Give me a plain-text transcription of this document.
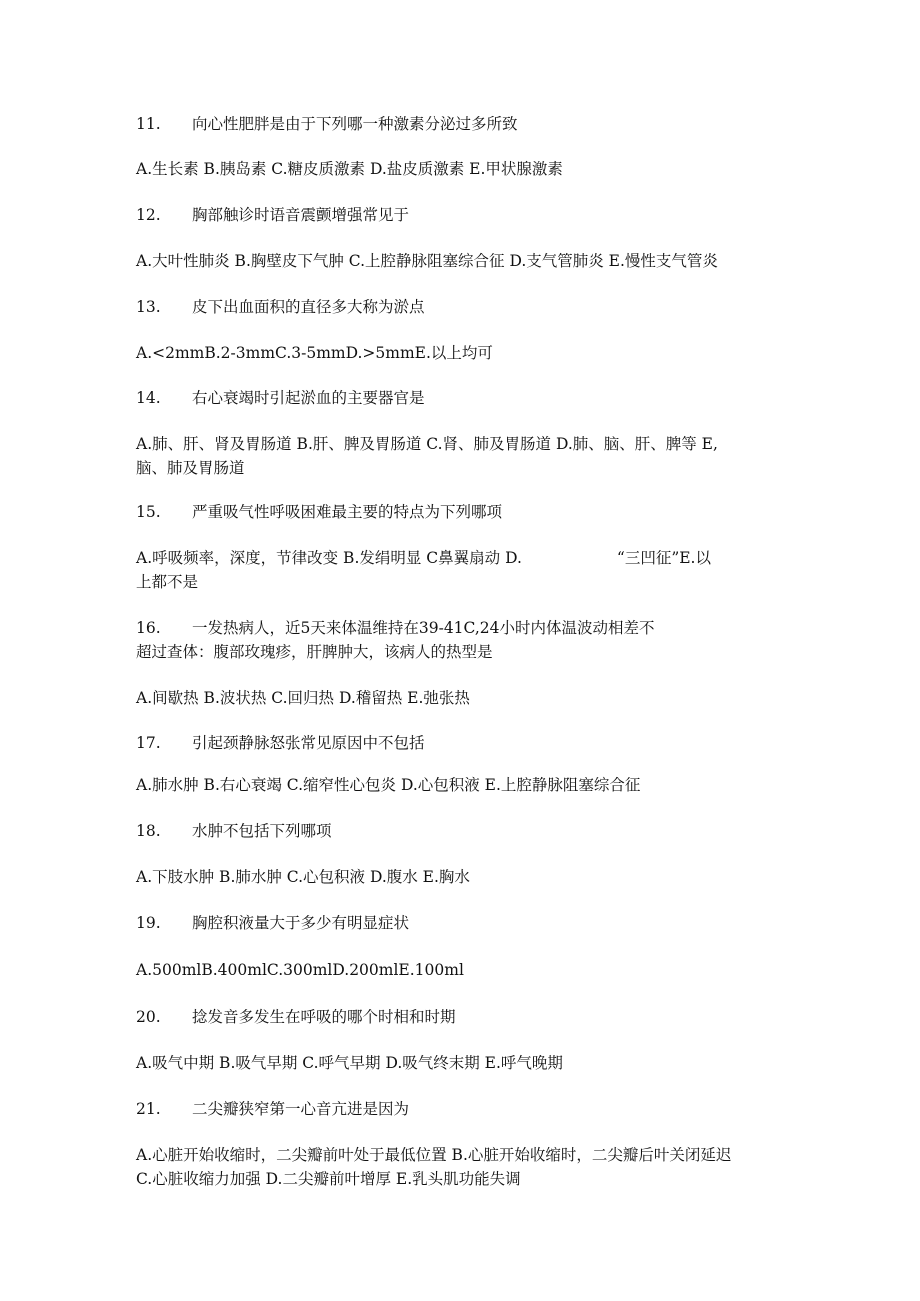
11. 向心性肥胖是由于下列哪一种激素分泌过多所致
A.生长素 B.胰岛素 C.糖皮质激素 D.盐皮质激素 E.甲状腺激素
12. 胸部触诊时语音震颤增强常见于
A.大叶性肺炎 B.胸壁皮下气肿 C.上腔静脉阻塞综合征 D.支气管肺炎 E.慢性支气管炎
13. 皮下出血面积的直径多大称为淤点
A.<2mmB.2-3mmC.3-5mmD.>5mmE.以上均可
14. 右心衰竭时引起淤血的主要器官是
A.肺、肝、肾及胃肠道 B.肝、脾及胃肠道 C.肾、肺及胃肠道 D.肺、脑、肝、脾等 E,
脑、肺及胃肠道
15. 严重吸气性呼吸困难最主要的特点为下列哪项
A.呼吸频率，深度，节律改变 B.发绢明显 C鼻翼扇动 D.	“三凹征”E.以
上都不是
16. 一发热病人，近5天来体温维持在39-41C,24小时内体温波动相差不
超过查体：腹部玫瑰疹，肝脾肿大，该病人的热型是
A.间歇热 B.波状热 C.回归热 D.稽留热 E.弛张热
17. 引起颈静脉怒张常见原因中不包括
A.肺水肿 B.右心衰竭 C.缩窄性心包炎 D.心包积液 E.上腔静脉阻塞综合征
18. 水肿不包括下列哪项
A.下肢水肿 B.肺水肿 C.心包积液 D.腹水 E.胸水
19. 胸腔积液量大于多少有明显症状
A.500mlB.400mlC.300mlD.200mlE.100ml
20. 捻发音多发生在呼吸的哪个时相和时期
A.吸气中期 B.吸气早期 C.呼气早期 D.吸气终末期 E.呼气晚期
21. 二尖瓣狭窄第一心音亢进是因为
A.心脏开始收缩时，二尖瓣前叶处于最低位置 B.心脏开始收缩时，二尖瓣后叶关闭延迟
C.心脏收缩力加强 D.二尖瓣前叶增厚 E.乳头肌功能失调
